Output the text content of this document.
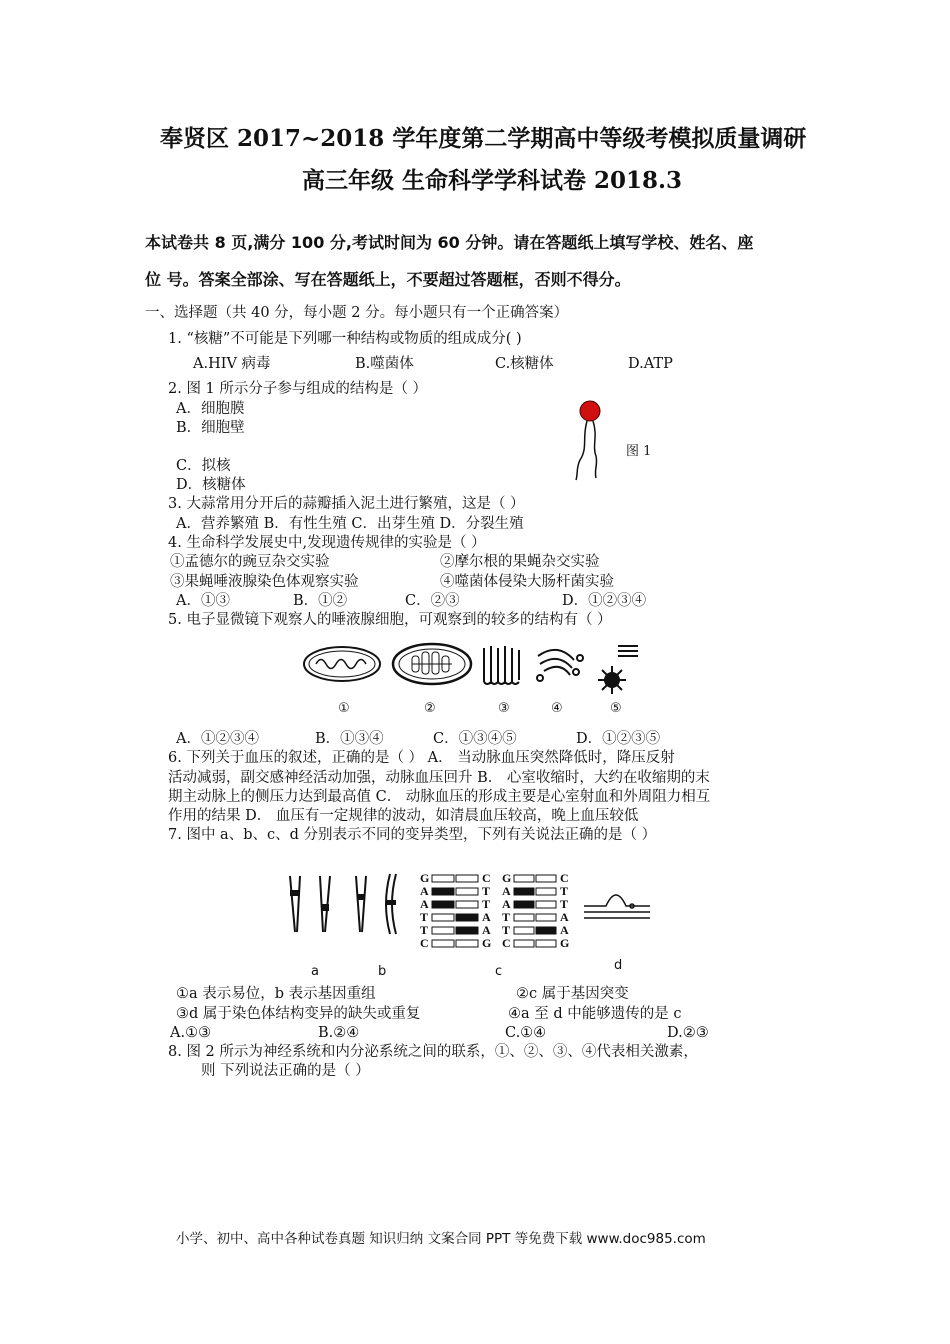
奉贤区 2017~2018 学年度第二学期高中等级考模拟质量调研
高三年级 生命科学学科试卷 2018.3
本试卷共 8 页,满分 100 分,考试时间为 60 分钟。请在答题纸上填写学校、姓名、座
位 号。答案全部涂、写在答题纸上，不要超过答题框，否则不得分。
一、选择题（共 40 分，每小题 2 分。每小题只有一个正确答案）
1. “核糖”不可能是下列哪一种结构或物质的组成成分( )
A.HIV 病毒	B.噬菌体	C.核糖体	D.ATP
2. 图 1 所示分子参与组成的结构是（ ）
A．细胞膜
B．细胞壁
C．拟核
D．核糖体
图 1
3. 大蒜常用分开后的蒜瓣插入泥土进行繁殖，这是（ ）
A．营养繁殖 B．有性生殖 C．出芽生殖 D．分裂生殖
4. 生命科学发展史中,发现遗传规律的实验是（ ）
①孟德尔的豌豆杂交实验	②摩尔根的果蝇杂交实验
③果蝇唾液腺染色体观察实验	④噬菌体侵染大肠杆菌实验
A．①③	B．①②	C．②③	D．①②③④
5. 电子显微镜下观察人的唾液腺细胞，可观察到的较多的结构有（ ）
①	②	③	④	⑤
A．①②③④	B．①③④	C．①③④⑤	D．①②③⑤
6. 下列关于血压的叙述，正确的是（ ） A． 当动脉血压突然降低时，降压反射
活动减弱，副交感神经活动加强，动脉血压回升 B． 心室收缩时，大约在收缩期的末
期主动脉上的侧压力达到最高值 C． 动脉血压的形成主要是心室射血和外周阻力相互
作用的结果 D． 血压有一定规律的波动，如清晨血压较高，晚上血压较低
7. 图中 a、b、c、d 分别表示不同的变异类型，下列有关说法正确的是（ ）
a	b
G
A
A
T
T
C
C
T
T
A
A
G
G
A
A
T
T
C
C
T
T
A
A
G
c	d
①a 表示易位，b 表示基因重组	②c 属于基因突变
③d 属于染色体结构变异的缺失或重复	④a 至 d 中能够遗传的是 c
A.①③	B.②④	C.①④	D.②③
8. 图 2 所示为神经系统和内分泌系统之间的联系，①、②、③、④代表相关激素，
则 下列说法正确的是（ ）
小学、初中、高中各种试卷真题 知识归纳 文案合同 PPT 等免费下载 www.doc985.com
